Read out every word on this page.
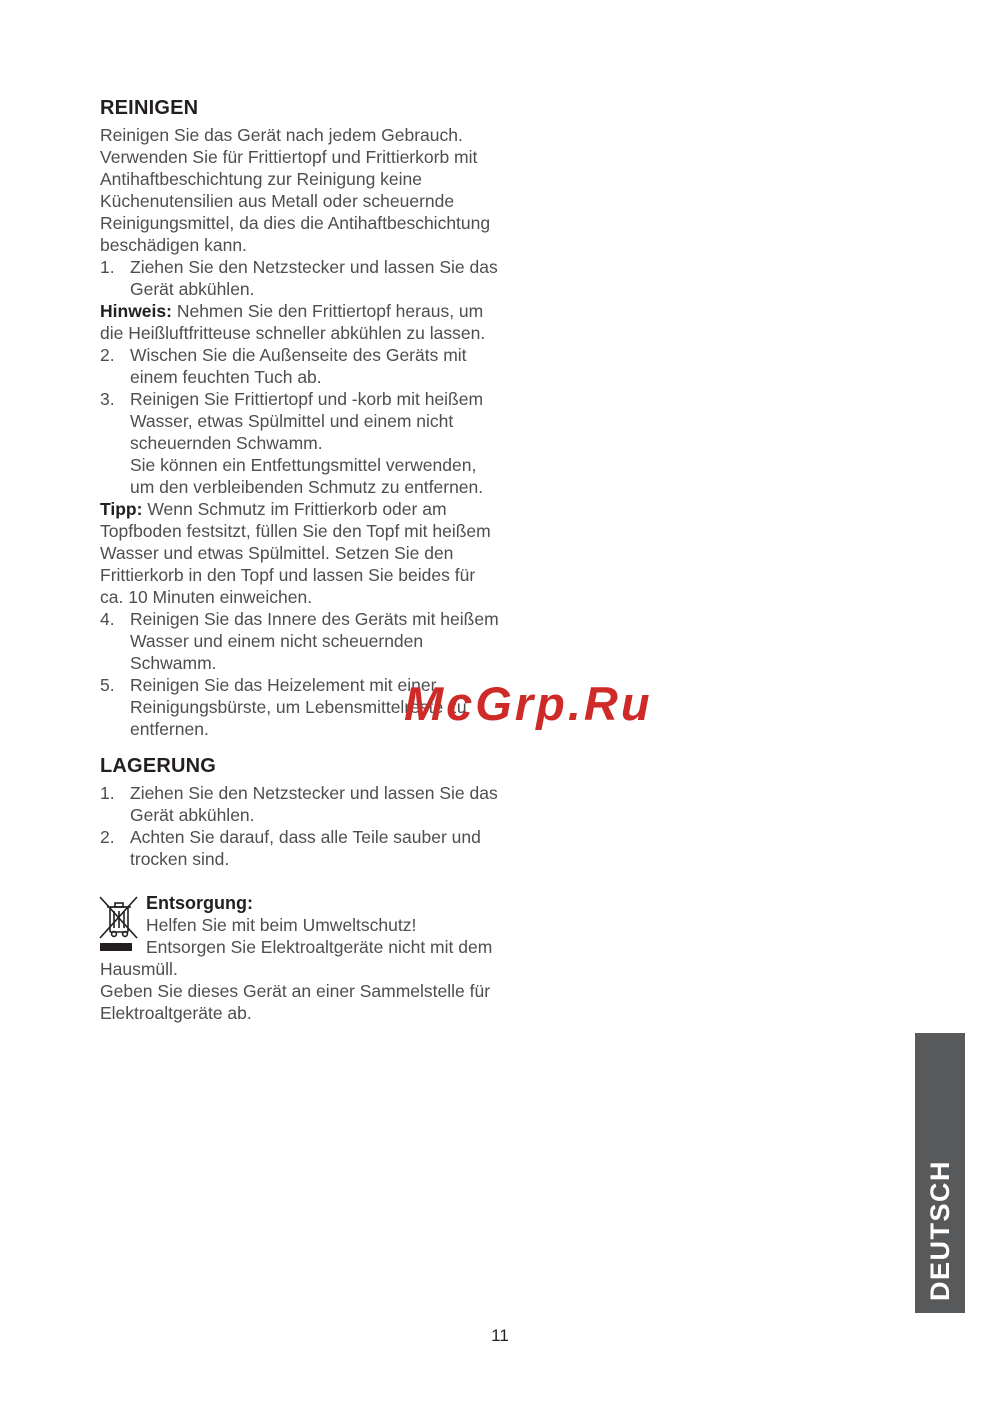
REINIGEN

Reinigen Sie das Gerät nach jedem Gebrauch. Verwenden Sie für Frittiertopf und Frittierkorb mit Antihaftbeschichtung zur Reinigung keine Küchenutensilien aus Metall oder scheuernde Reinigungsmittel, da dies die Antihaftbeschichtung beschädigen kann.

1. Ziehen Sie den Netzstecker und lassen Sie das Gerät abkühlen.

Hinweis: Nehmen Sie den Frittiertopf heraus, um die Heißluftfritteuse schneller abkühlen zu lassen.

2. Wischen Sie die Außenseite des Geräts mit einem feuchten Tuch ab.
3. Reinigen Sie Frittiertopf und -korb mit heißem Wasser, etwas Spülmittel und einem nicht scheuernden Schwamm.
Sie können ein Entfettungsmittel verwenden, um den verbleibenden Schmutz zu entfernen.

Tipp: Wenn Schmutz im Frittierkorb oder am Topfboden festsitzt, füllen Sie den Topf mit heißem Wasser und etwas Spülmittel. Setzen Sie den Frittierkorb in den Topf und lassen Sie beides für ca. 10 Minuten einweichen.

4. Reinigen Sie das Innere des Geräts mit heißem Wasser und einem nicht scheuernden Schwamm.
5. Reinigen Sie das Heizelement mit einer Reinigungsbürste, um Lebensmittelreste zu entfernen.
LAGERUNG
1. Ziehen Sie den Netzstecker und lassen Sie das Gerät abkühlen.
2. Achten Sie darauf, dass alle Teile sauber und trocken sind.

Entsorgung:

Helfen Sie mit beim Umweltschutz! Entsorgen Sie Elektroaltgeräte nicht mit dem Hausmüll.

Geben Sie dieses Gerät an einer Sammelstelle für Elektroaltgeräte ab.

McGrp.Ru
DEUTSCH
11
